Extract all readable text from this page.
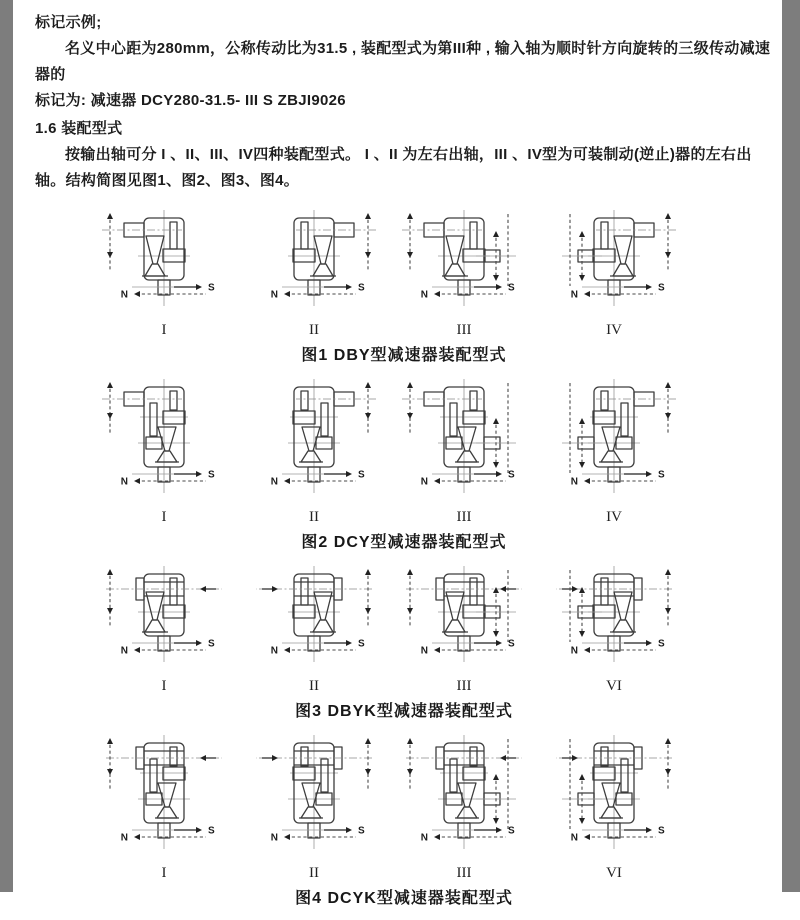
标记示例;
名义中心距为280mm，公称传动比为31.5 , 装配型式为第III种 , 输入轴为顺时针方向旋转的三级传动减速器的
标记为: 减速器 DCY280-31.5- III S ZBJI9026
1.6 装配型式
按输出轴可分 I 、II、III、IV四种装配型式。 I 、II 为左右出轴，III 、IV型为可装制动(逆止)器的左右出轴。结构简图见图1、图2、图3、图4。
S
N
I
S
N
II
S
N
III
S
N
IV
图1 DBY型减速器装配型式
S
N
I
S
N
II
S
N
III
S
N
IV
图2 DCY型减速器装配型式
S
N
I
S
N
II
S
N
III
S
N
VI
图3 DBYK型减速器装配型式
S
N
I
S
N
II
S
N
III
S
N
VI
图4 DCYK型减速器装配型式
